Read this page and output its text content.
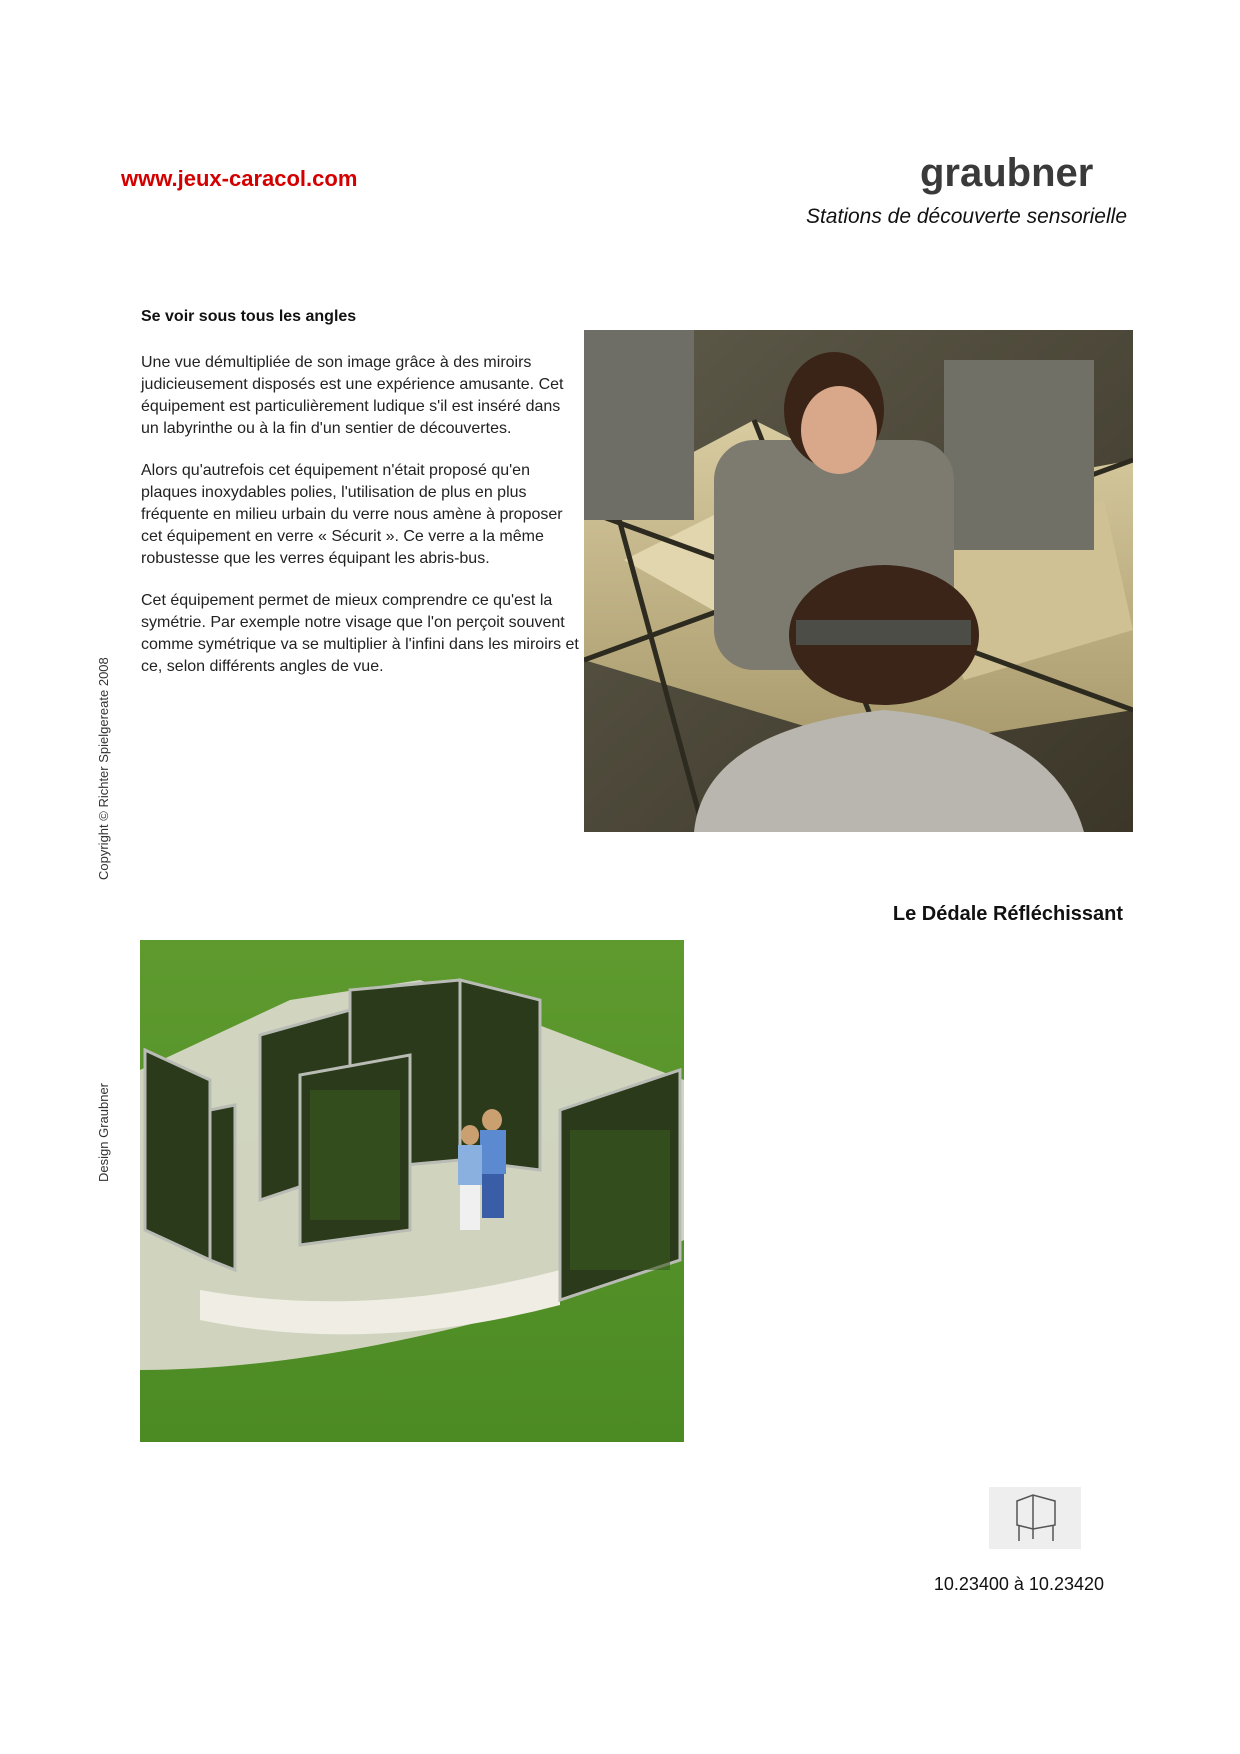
www.jeux-caracol.com	graubner
Stations de découverte sensorielle
Se voir sous tous les angles

Une vue démultipliée de son image grâce à des miroirs judicieusement disposés est une expérience amusante. Cet équipement est particulièrement ludique s'il est inséré dans un labyrinthe ou à la fin d'un sentier de découvertes.

Alors qu'autrefois cet équipement n'était proposé qu'en plaques inoxydables polies, l'utilisation de plus en plus fréquente en milieu urbain du verre nous amène à proposer cet équipement en verre « Sécurit ». Ce verre a la même robustesse que les verres équipant les abris-bus.

Cet équipement permet de mieux comprendre ce qu'est la symétrie. Par exemple notre visage que l'on perçoit souvent comme symétrique va se multiplier à l'infini dans les miroirs et ce, selon différents angles de vue.

Copyright © Richter Spielgereate 2008
Design Graubner
Le Dédale Réfléchissant
10.23400 à 10.23420
